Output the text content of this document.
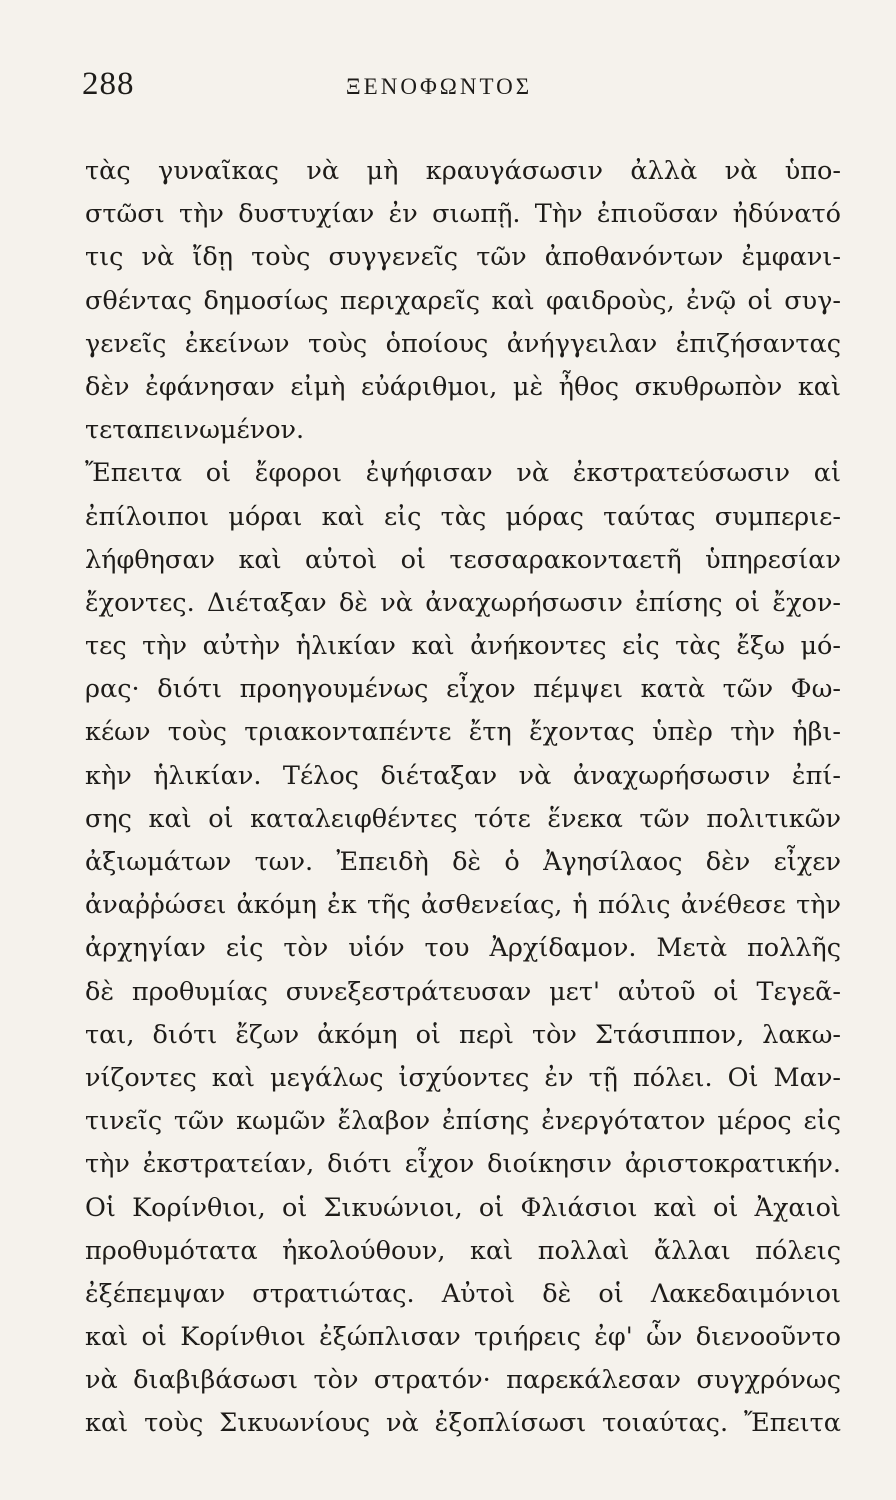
288	ΞΕΝΟΦΩΝΤΟΣ
τὰς γυναῖκας νὰ μὴ κραυγάσωσιν ἀλλὰ νὰ ὑπο-
στῶσι τὴν δυστυχίαν ἐν σιωπῇ. Τὴν ἐπιοῦσαν ἠδύνατό
τις νὰ ἴδῃ τοὺς συγγενεῖς τῶν ἀποθανόντων ἐμφανι-
σθέντας δημοσίως περιχαρεῖς καὶ φαιδροὺς, ἐνῷ οἱ συγ-
γενεῖς ἐκείνων τοὺς ὁποίους ἀνήγγειλαν ἐπιζήσαντας
δὲν ἐφάνησαν εἰμὴ εὐάριθμοι, μὲ ἦθος σκυθρωπὸν καὶ
τεταπεινωμένον.
Ἔπειτα οἱ ἔφοροι ἐψήφισαν νὰ ἐκστρατεύσωσιν αἱ
ἐπίλοιποι μόραι καὶ εἰς τὰς μόρας ταύτας συμπεριε-
λήφθησαν καὶ αὐτοὶ οἱ τεσσαρακονταετῆ ὑπηρεσίαν
ἔχοντες. Διέταξαν δὲ νὰ ἀναχωρήσωσιν ἐπίσης οἱ ἔχον-
τες τὴν αὐτὴν ἡλικίαν καὶ ἀνήκοντες εἰς τὰς ἔξω μό-
ρας· διότι προηγουμένως εἶχον πέμψει κατὰ τῶν Φω-
κέων τοὺς τριακονταπέντε ἔτη ἔχοντας ὑπὲρ τὴν ἡβι-
κὴν ἡλικίαν. Τέλος διέταξαν νὰ ἀναχωρήσωσιν ἐπί-
σης καὶ οἱ καταλειφθέντες τότε ἕνεκα τῶν πολιτικῶν
ἀξιωμάτων των. Ἐπειδὴ δὲ ὁ Ἀγησίλαος δὲν εἶχεν
ἀναῤῥώσει ἀκόμη ἐκ τῆς ἀσθενείας, ἡ πόλις ἀνέθεσε τὴν
ἀρχηγίαν εἰς τὸν υἱόν του Ἀρχίδαμον. Μετὰ πολλῆς
δὲ προθυμίας συνεξεστράτευσαν μετ' αὐτοῦ οἱ Τεγεᾶ-
ται, διότι ἔζων ἀκόμη οἱ περὶ τὸν Στάσιππον, λακω-
νίζοντες καὶ μεγάλως ἰσχύοντες ἐν τῇ πόλει. Οἱ Μαν-
τινεῖς τῶν κωμῶν ἔλαβον ἐπίσης ἐνεργότατον μέρος εἰς
τὴν ἐκστρατείαν, διότι εἶχον διοίκησιν ἀριστοκρατικήν.
Οἱ Κορίνθιοι, οἱ Σικυώνιοι, οἱ Φλιάσιοι καὶ οἱ Ἀχαιοὶ
προθυμότατα ἠκολούθουν, καὶ πολλαὶ ἄλλαι πόλεις
ἐξέπεμψαν στρατιώτας. Αὐτοὶ δὲ οἱ Λακεδαιμόνιοι
καὶ οἱ Κορίνθιοι ἐξώπλισαν τριήρεις ἐφ' ὧν διενοοῦντο
νὰ διαβιβάσωσι τὸν στρατόν· παρεκάλεσαν συγχρόνως
καὶ τοὺς Σικυωνίους νὰ ἐξοπλίσωσι τοιαύτας. Ἔπειτα
